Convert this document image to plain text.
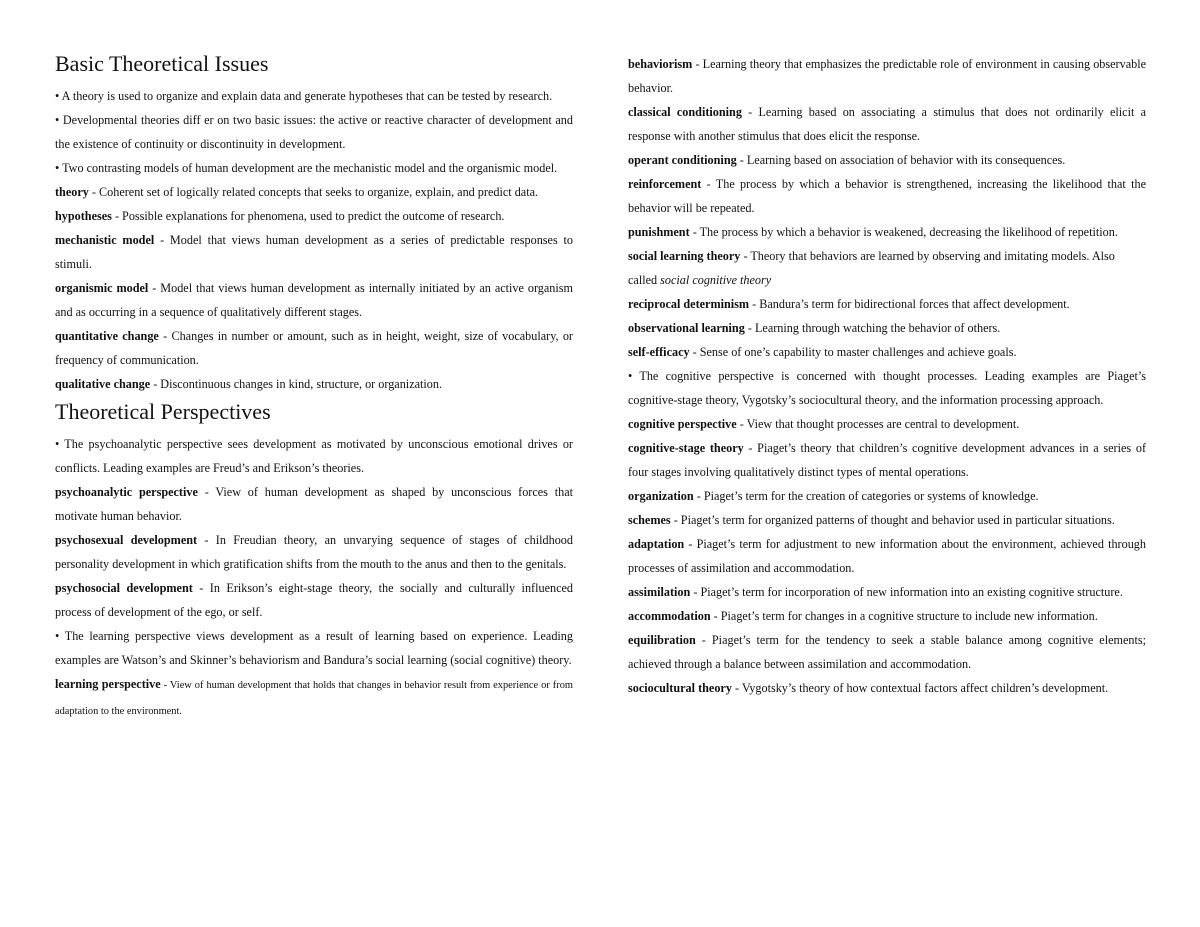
Basic Theoretical Issues

• A theory is used to organize and explain data and generate hypotheses that can be tested by research.

• Developmental theories diff er on two basic issues: the active or reactive character of development and the existence of continuity or discontinuity in development.

• Two contrasting models of human development are the mechanistic model and the organismic model.

theory - Coherent set of logically related concepts that seeks to organize, explain, and predict data.

hypotheses - Possible explanations for phenomena, used to predict the outcome of research.

mechanistic model - Model that views human development as a series of predictable responses to stimuli.

organismic model - Model that views human development as internally initiated by an active organism and as occurring in a sequence of qualitatively different stages.

quantitative change - Changes in number or amount, such as in height, weight, size of vocabulary, or frequency of communication.

qualitative change - Discontinuous changes in kind, structure, or organization.

Theoretical Perspectives

• The psychoanalytic perspective sees development as motivated by unconscious emotional drives or conflicts. Leading examples are Freud’s and Erikson’s theories.

psychoanalytic perspective - View of human development as shaped by unconscious forces that motivate human behavior.

psychosexual development - In Freudian theory, an unvarying sequence of stages of childhood personality development in which gratification shifts from the mouth to the anus and then to the genitals.

psychosocial development - In Erikson’s eight-stage theory, the socially and culturally influenced process of development of the ego, or self.

• The learning perspective views development as a result of learning based on experience. Leading examples are Watson’s and Skinner’s behaviorism and Bandura’s social learning (social cognitive) theory.

learning perspective - View of human development that holds that changes in behavior result from experience or from adaptation to the environment.

behaviorism - Learning theory that emphasizes the predictable role of environment in causing observable behavior.

classical conditioning - Learning based on associating a stimulus that does not ordinarily elicit a response with another stimulus that does elicit the response.

operant conditioning - Learning based on association of behavior with its consequences.

reinforcement - The process by which a behavior is strengthened, increasing the likelihood that the behavior will be repeated.

punishment - The process by which a behavior is weakened, decreasing the likelihood of repetition.

social learning theory - Theory that behaviors are learned by observing and imitating models. Also called social cognitive theory

reciprocal determinism - Bandura’s term for bidirectional forces that affect development.

observational learning - Learning through watching the behavior of others.

self-efficacy - Sense of one’s capability to master challenges and achieve goals.

• The cognitive perspective is concerned with thought processes. Leading examples are Piaget’s cognitive-stage theory, Vygotsky’s sociocultural theory, and the information processing approach.

cognitive perspective - View that thought processes are central to development.

cognitive-stage theory - Piaget’s theory that children’s cognitive development advances in a series of four stages involving qualitatively distinct types of mental operations.

organization - Piaget’s term for the creation of categories or systems of knowledge.

schemes - Piaget’s term for organized patterns of thought and behavior used in particular situations.

adaptation - Piaget’s term for adjustment to new information about the environment, achieved through processes of assimilation and accommodation.

assimilation - Piaget’s term for incorporation of new information into an existing cognitive structure.

accommodation - Piaget’s term for changes in a cognitive structure to include new information.

equilibration - Piaget’s term for the tendency to seek a stable balance among cognitive elements; achieved through a balance between assimilation and accommodation.

sociocultural theory - Vygotsky’s theory of how contextual factors affect children’s development.
